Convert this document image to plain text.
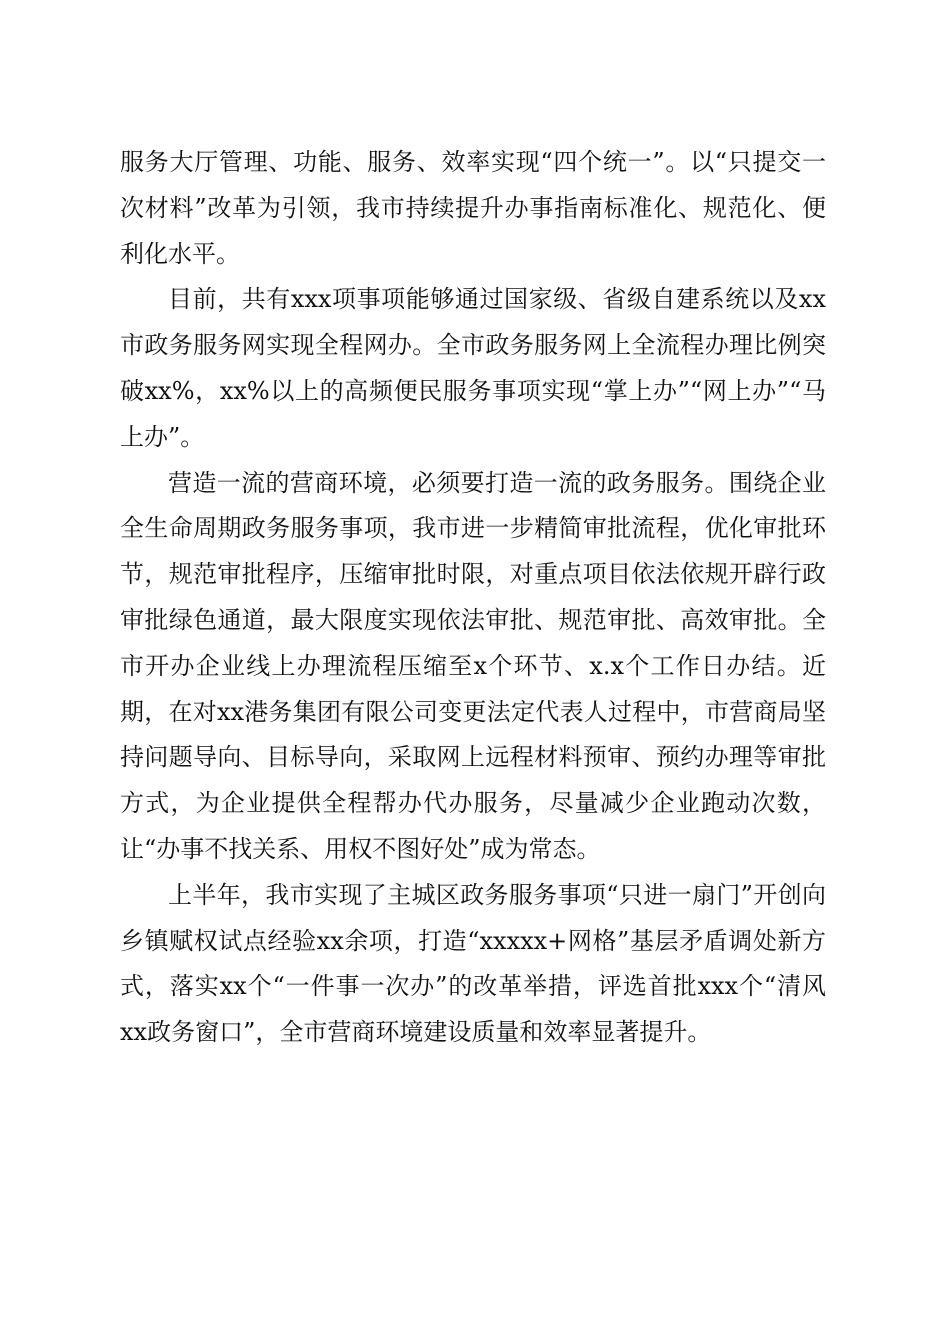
服务大厅管理、功能、服务、效率实现“四个统一”。以“只提交一次材料”改革为引领，我市持续提升办事指南标准化、规范化、便利化水平。

目前，共有xxx项事项能够通过国家级、省级自建系统以及xx市政务服务网实现全程网办。全市政务服务网上全流程办理比例突破xx%，xx%以上的高频便民服务事项实现“掌上办”“网上办”“马上办”。

营造一流的营商环境，必须要打造一流的政务服务。围绕企业全生命周期政务服务事项，我市进一步精简审批流程，优化审批环节，规范审批程序，压缩审批时限，对重点项目依法依规开辟行政审批绿色通道，最大限度实现依法审批、规范审批、高效审批。全市开办企业线上办理流程压缩至x个环节、x.x个工作日办结。近期，在对xx港务集团有限公司变更法定代表人过程中，市营商局坚持问题导向、目标导向，采取网上远程材料预审、预约办理等审批方式，为企业提供全程帮办代办服务，尽量减少企业跑动次数，让“办事不找关系、用权不图好处”成为常态。

上半年，我市实现了主城区政务服务事项“只进一扇门”开创向乡镇赋权试点经验xx余项，打造“xxxxx+网格”基层矛盾调处新方式，落实xx个“一件事一次办”的改革举措，评选首批xxx个“清风xx政务窗口”，全市营商环境建设质量和效率显著提升。
